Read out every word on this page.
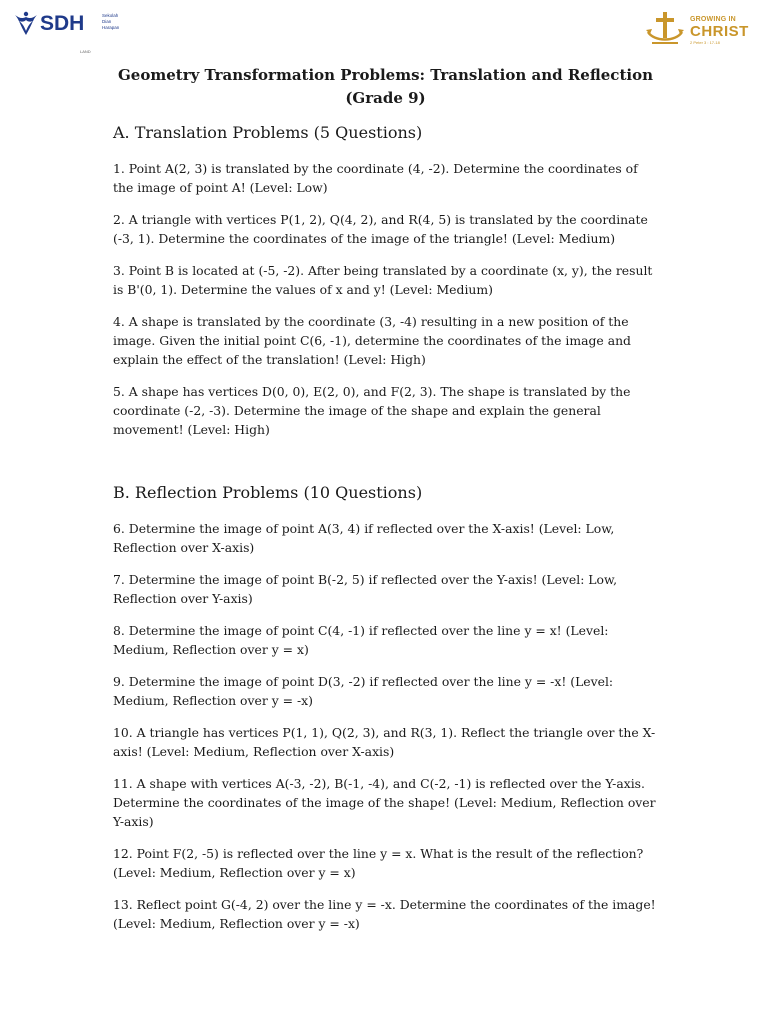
SDH	Sekolah Dian Harapan
LAND
GROWING IN
CHRIST
2 Peter 3 : 17-18
Geometry Transformation Problems: Translation and Reflection (Grade 9)
A. Translation Problems (5 Questions)

1. Point A(2, 3) is translated by the coordinate (4, -2). Determine the coordinates of the image of point A! (Level: Low)

2. A triangle with vertices P(1, 2), Q(4, 2), and R(4, 5) is translated by the coordinate (-3, 1). Determine the coordinates of the image of the triangle! (Level: Medium)

3. Point B is located at (-5, -2). After being translated by a coordinate (x, y), the result is B'(0, 1). Determine the values of x and y! (Level: Medium)

4. A shape is translated by the coordinate (3, -4) resulting in a new position of the image. Given the initial point C(6, -1), determine the coordinates of the image and explain the effect of the translation! (Level: High)

5. A shape has vertices D(0, 0), E(2, 0), and F(2, 3). The shape is translated by the coordinate (-2, -3). Determine the image of the shape and explain the general movement! (Level: High)

B. Reflection Problems (10 Questions)

6. Determine the image of point A(3, 4) if reflected over the X-axis! (Level: Low, Reflection over X-axis)

7. Determine the image of point B(-2, 5) if reflected over the Y-axis! (Level: Low, Reflection over Y-axis)

8. Determine the image of point C(4, -1) if reflected over the line y = x! (Level: Medium, Reflection over y = x)

9. Determine the image of point D(3, -2) if reflected over the line y = -x! (Level: Medium, Reflection over y = -x)

10. A triangle has vertices P(1, 1), Q(2, 3), and R(3, 1). Reflect the triangle over the X-axis! (Level: Medium, Reflection over X-axis)

11. A shape with vertices A(-3, -2), B(-1, -4), and C(-2, -1) is reflected over the Y-axis. Determine the coordinates of the image of the shape! (Level: Medium, Reflection over Y-axis)

12. Point F(2, -5) is reflected over the line y = x. What is the result of the reflection? (Level: Medium, Reflection over y = x)

13. Reflect point G(-4, 2) over the line y = -x. Determine the coordinates of the image! (Level: Medium, Reflection over y = -x)
